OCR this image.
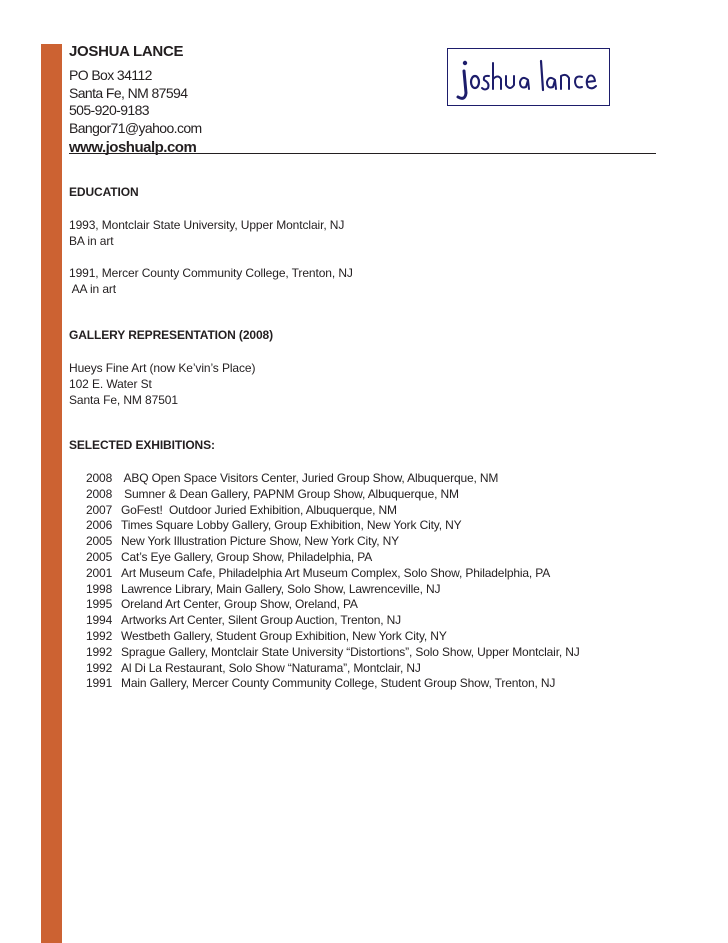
JOSHUA LANCE
PO Box 34112
Santa Fe, NM 87594
505-920-9183
Bangor71@yahoo.com
www.joshualp.com
EDUCATION
1993, Montclair State University, Upper Montclair, NJ
BA in art
1991, Mercer County Community College, Trenton, NJ
AA in art
GALLERY REPRESENTATION (2008)
Hueys Fine Art (now Ke’vin’s Place)
102 E. Water St
Santa Fe, NM 87501
SELECTED EXHIBITIONS:
2008 ABQ Open Space Visitors Center, Juried Group Show, Albuquerque, NM
2008 Sumner & Dean Gallery, PAPNM Group Show, Albuquerque, NM
2007 GoFest!  Outdoor Juried Exhibition, Albuquerque, NM
2006 Times Square Lobby Gallery, Group Exhibition, New York City, NY
2005 New York Illustration Picture Show, New York City, NY
2005 Cat’s Eye Gallery, Group Show, Philadelphia, PA
2001 Art Museum Cafe, Philadelphia Art Museum Complex, Solo Show, Philadelphia, PA
1998 Lawrence Library, Main Gallery, Solo Show, Lawrenceville, NJ
1995 Oreland Art Center, Group Show, Oreland, PA
1994 Artworks Art Center, Silent Group Auction, Trenton, NJ
1992 Westbeth Gallery, Student Group Exhibition, New York City, NY
1992 Sprague Gallery, Montclair State University “Distortions”, Solo Show, Upper Montclair, NJ
1992 Al Di La Restaurant, Solo Show “Naturama”, Montclair, NJ
1991 Main Gallery, Mercer County Community College, Student Group Show, Trenton, NJ
